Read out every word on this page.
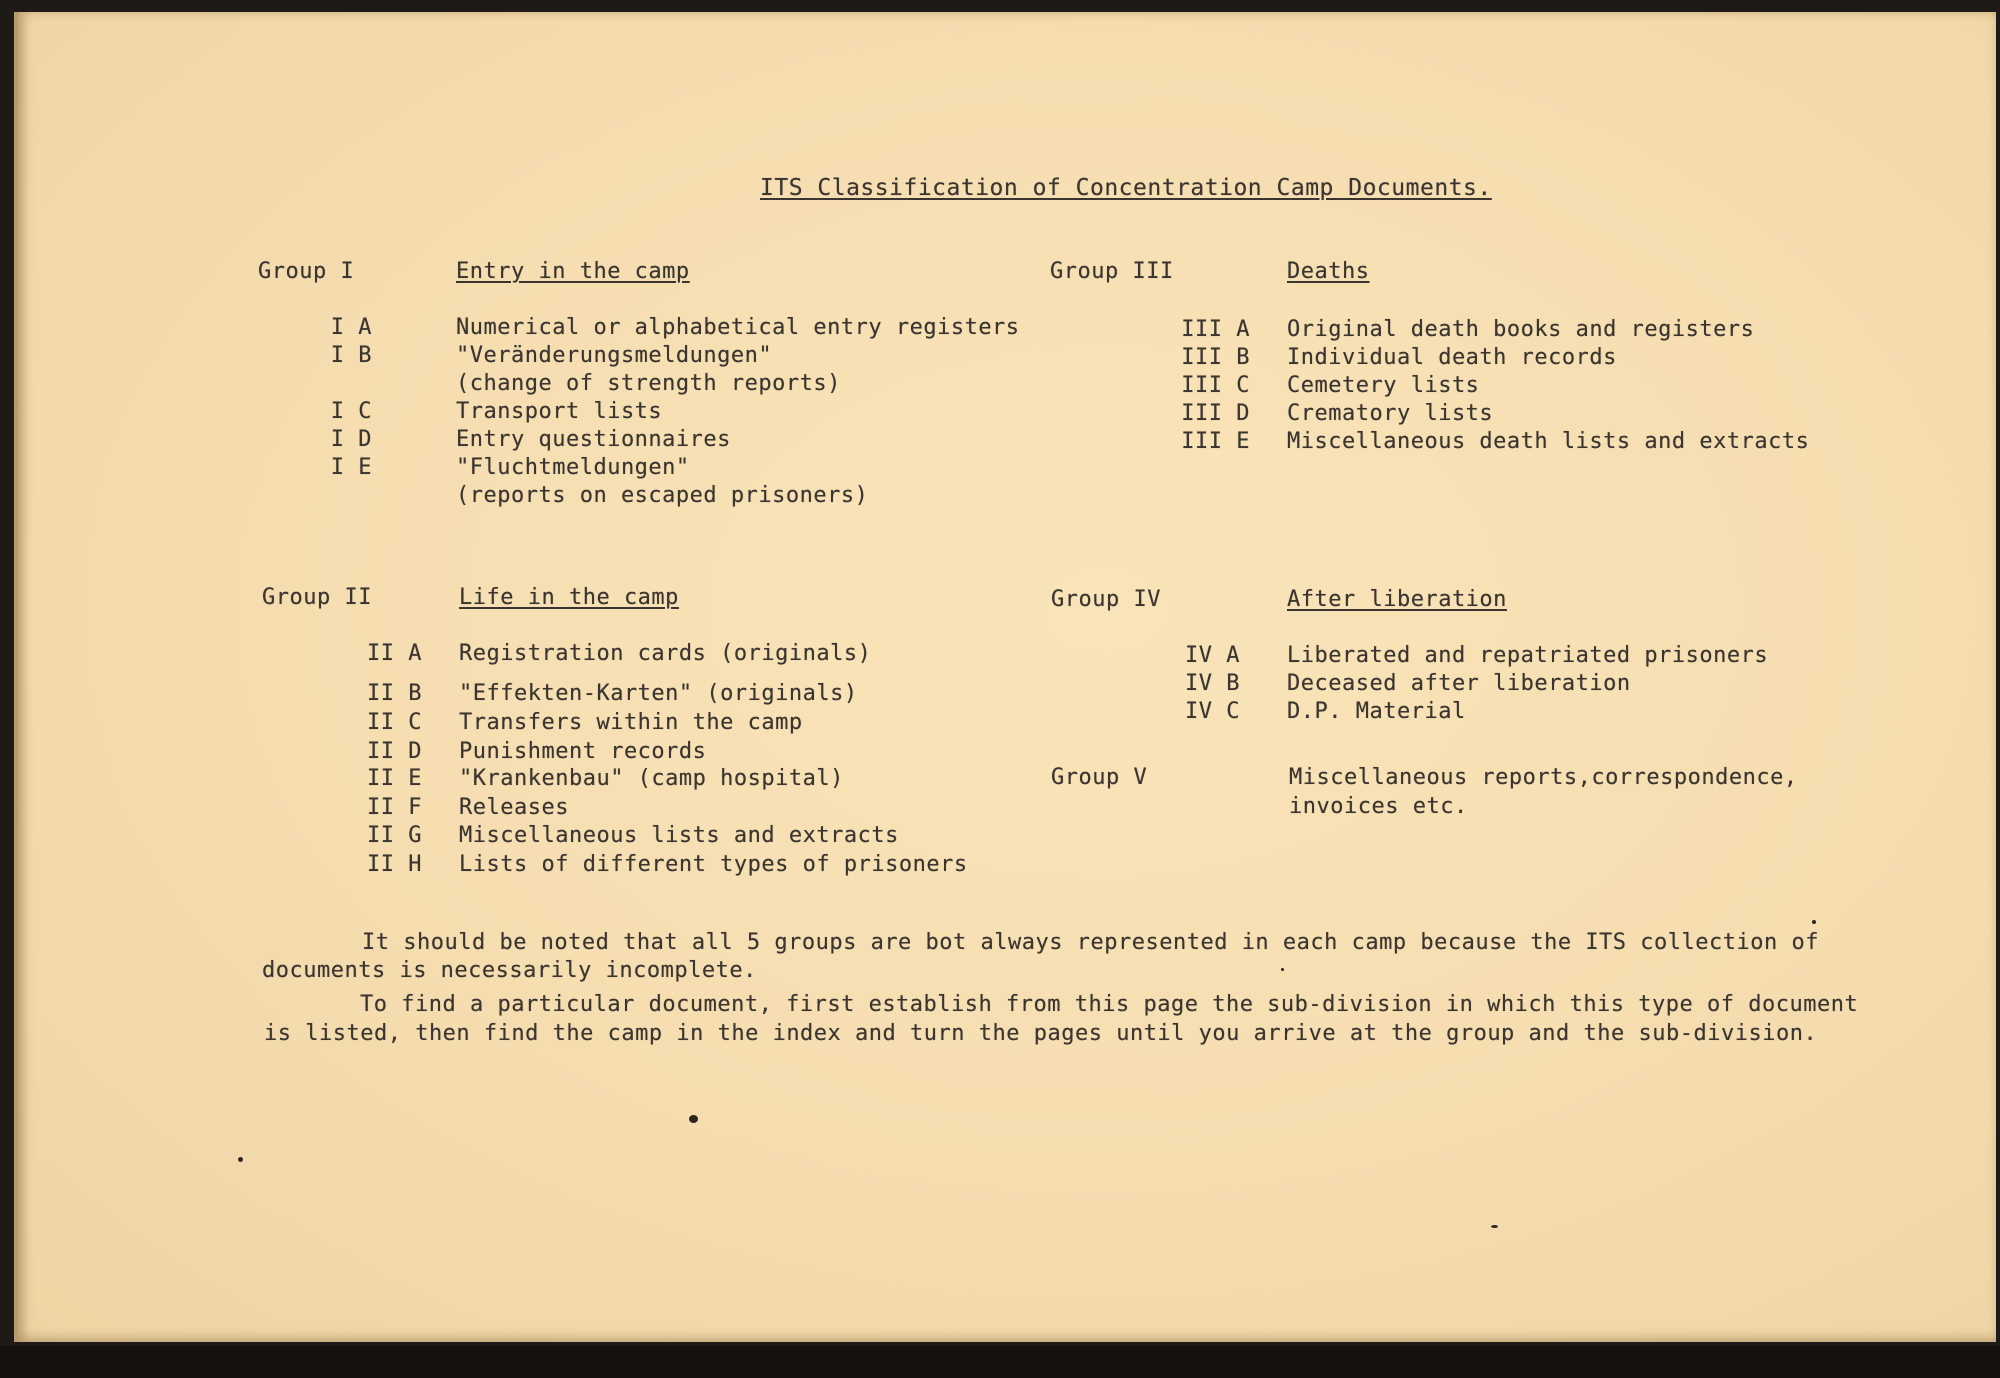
ITS Classification of Concentration Camp Documents.
Group I	Entry in the camp
I A	Numerical or alphabetical entry registers
I B	"Veränderungsmeldungen"
(change of strength reports)
I C	Transport lists
I D	Entry questionnaires
I E	"Fluchtmeldungen"
(reports on escaped prisoners)
Group III	Deaths
III A Original death books and registers
III B Individual death records
III C Cemetery lists
III D Crematory lists
III E Miscellaneous death lists and extracts
Group II	Life in the camp
II A Registration cards (originals)
II B "Effekten-Karten" (originals)
II C Transfers within the camp
II D Punishment records
II E "Krankenbau" (camp hospital)
II F Releases
II G Miscellaneous lists and extracts
II H Lists of different types of prisoners
Group IV	After liberation
IV A Liberated and repatriated prisoners
IV B Deceased after liberation
IV C D.P. Material
Group V	Miscellaneous reports,correspondence,
invoices etc.
It should be noted that all 5 groups are bot always represented in each camp because the ITS collection of
documents is necessarily incomplete.
To find a particular document, first establish from this page the sub-division in which this type of document
is listed, then find the camp in the index and turn the pages until you arrive at the group and the sub-division.
